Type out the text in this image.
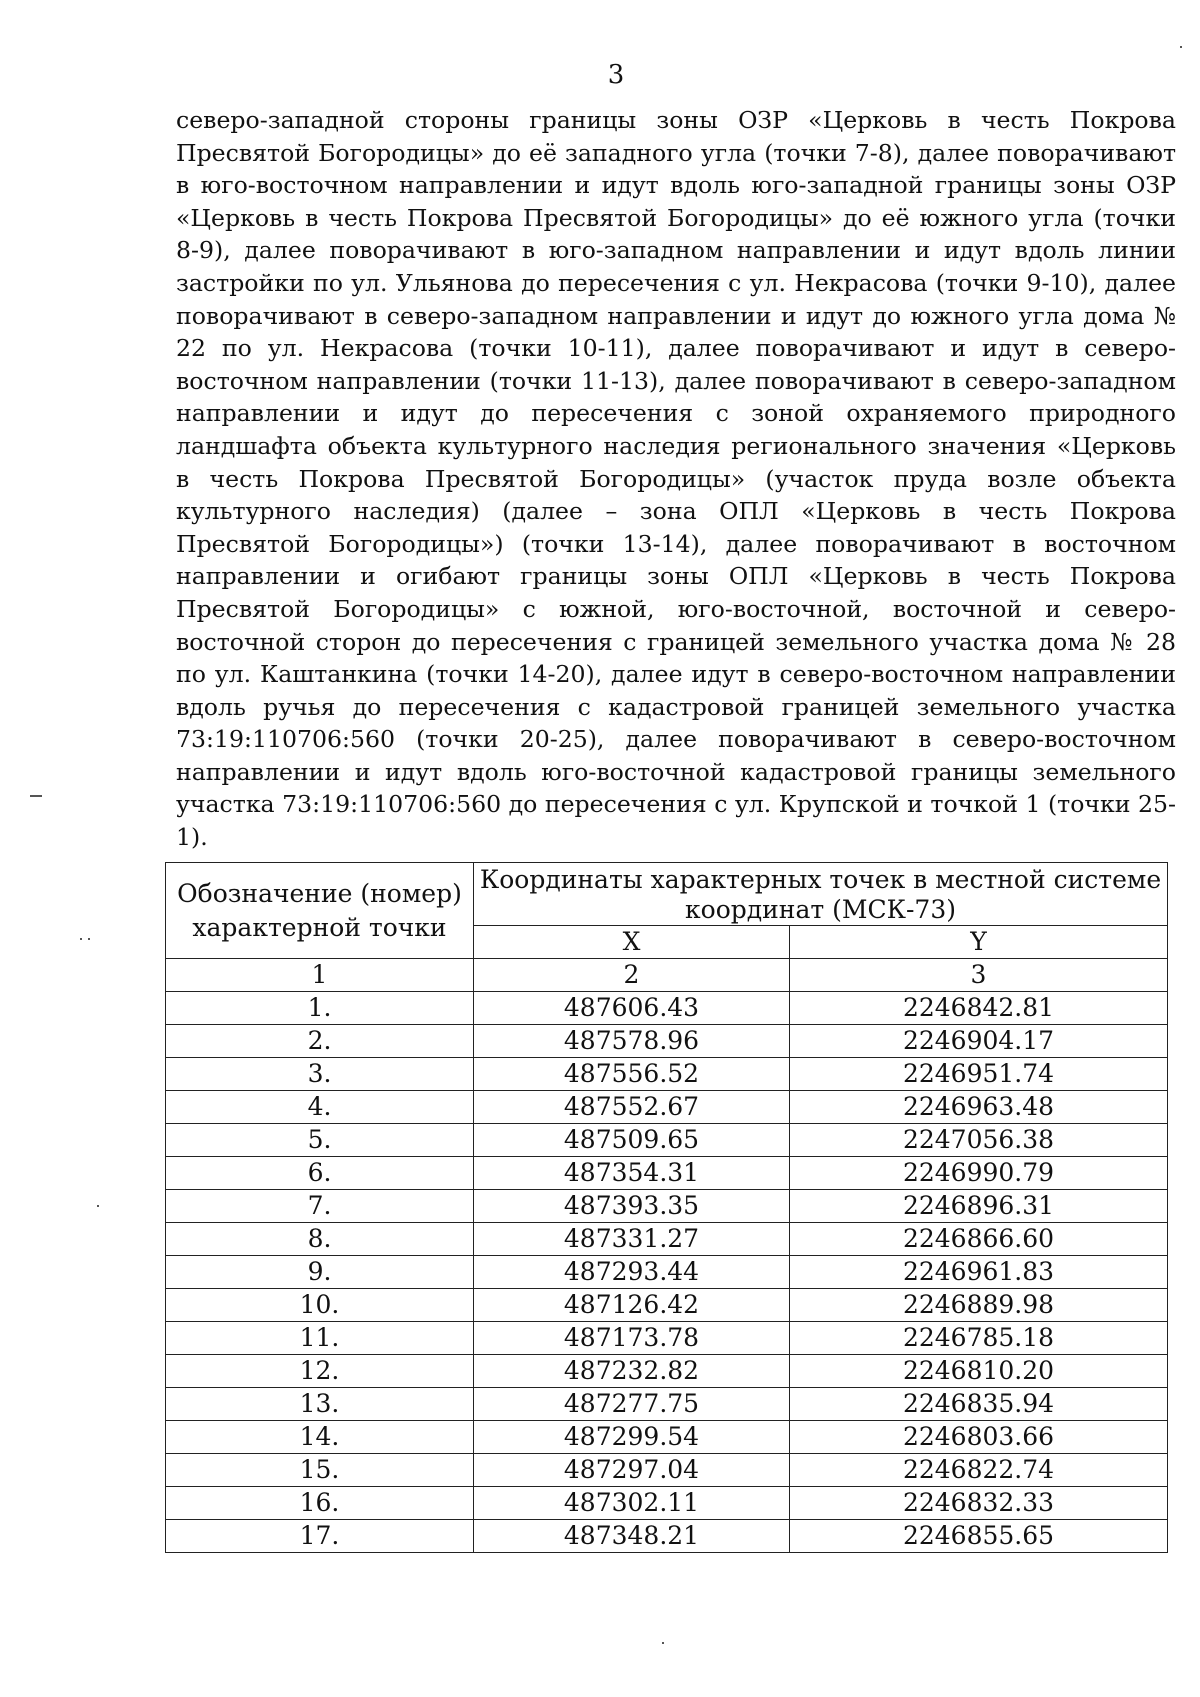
3

северо-западной стороны границы зоны ОЗР «Церковь в честь Покрова Пресвятой Богородицы» до её западного угла (точки 7-8), далее поворачивают в юго-восточном направлении и идут вдоль юго-западной границы зоны ОЗР «Церковь в честь Покрова Пресвятой Богородицы» до её южного угла (точки 8-9), далее поворачивают в юго-западном направлении и идут вдоль линии застройки по ул. Ульянова до пересечения с ул. Некрасова (точки 9-10), далее поворачивают в северо-западном направлении и идут до южного угла дома № 22 по ул. Некрасова (точки 10-11), далее поворачивают и идут в северо-восточном направлении (точки 11-13), далее поворачивают в северо-западном направлении и идут до пересечения с зоной охраняемого природного ландшафта объекта культурного наследия регионального значения «Церковь в честь Покрова Пресвятой Богородицы» (участок пруда возле объекта культурного наследия) (далее – зона ОПЛ «Церковь в честь Покрова Пресвятой Богородицы») (точки 13-14), далее поворачивают в восточном направлении и огибают границы зоны ОПЛ «Церковь в честь Покрова Пресвятой Богородицы» с южной, юго-восточной, восточной и северо-восточной сторон до пересечения с границей земельного участка дома № 28 по ул. Каштанкина (точки 14-20), далее идут в северо-восточном направлении вдоль ручья до пересечения с кадастровой границей земельного участка 73:19:110706:560 (точки 20-25), далее поворачивают в северо-восточном направлении и идут вдоль юго-восточной кадастровой границы земельного участка 73:19:110706:560 до пересечения с ул. Крупской и точкой 1 (точки 25-1).

Обозначение (номер) характерной точки	Координаты характерных точек в местной системе координат (МСК-73)	
	X	Y
1	2	3
1.	487606.43	2246842.81
2.	487578.96	2246904.17
3.	487556.52	2246951.74
4.	487552.67	2246963.48
5.	487509.65	2247056.38
6.	487354.31	2246990.79
7.	487393.35	2246896.31
8.	487331.27	2246866.60
9.	487293.44	2246961.83
10.	487126.42	2246889.98
11.	487173.78	2246785.18
12.	487232.82	2246810.20
13.	487277.75	2246835.94
14.	487299.54	2246803.66
15.	487297.04	2246822.74
16.	487302.11	2246832.33
17.	487348.21	2246855.65
